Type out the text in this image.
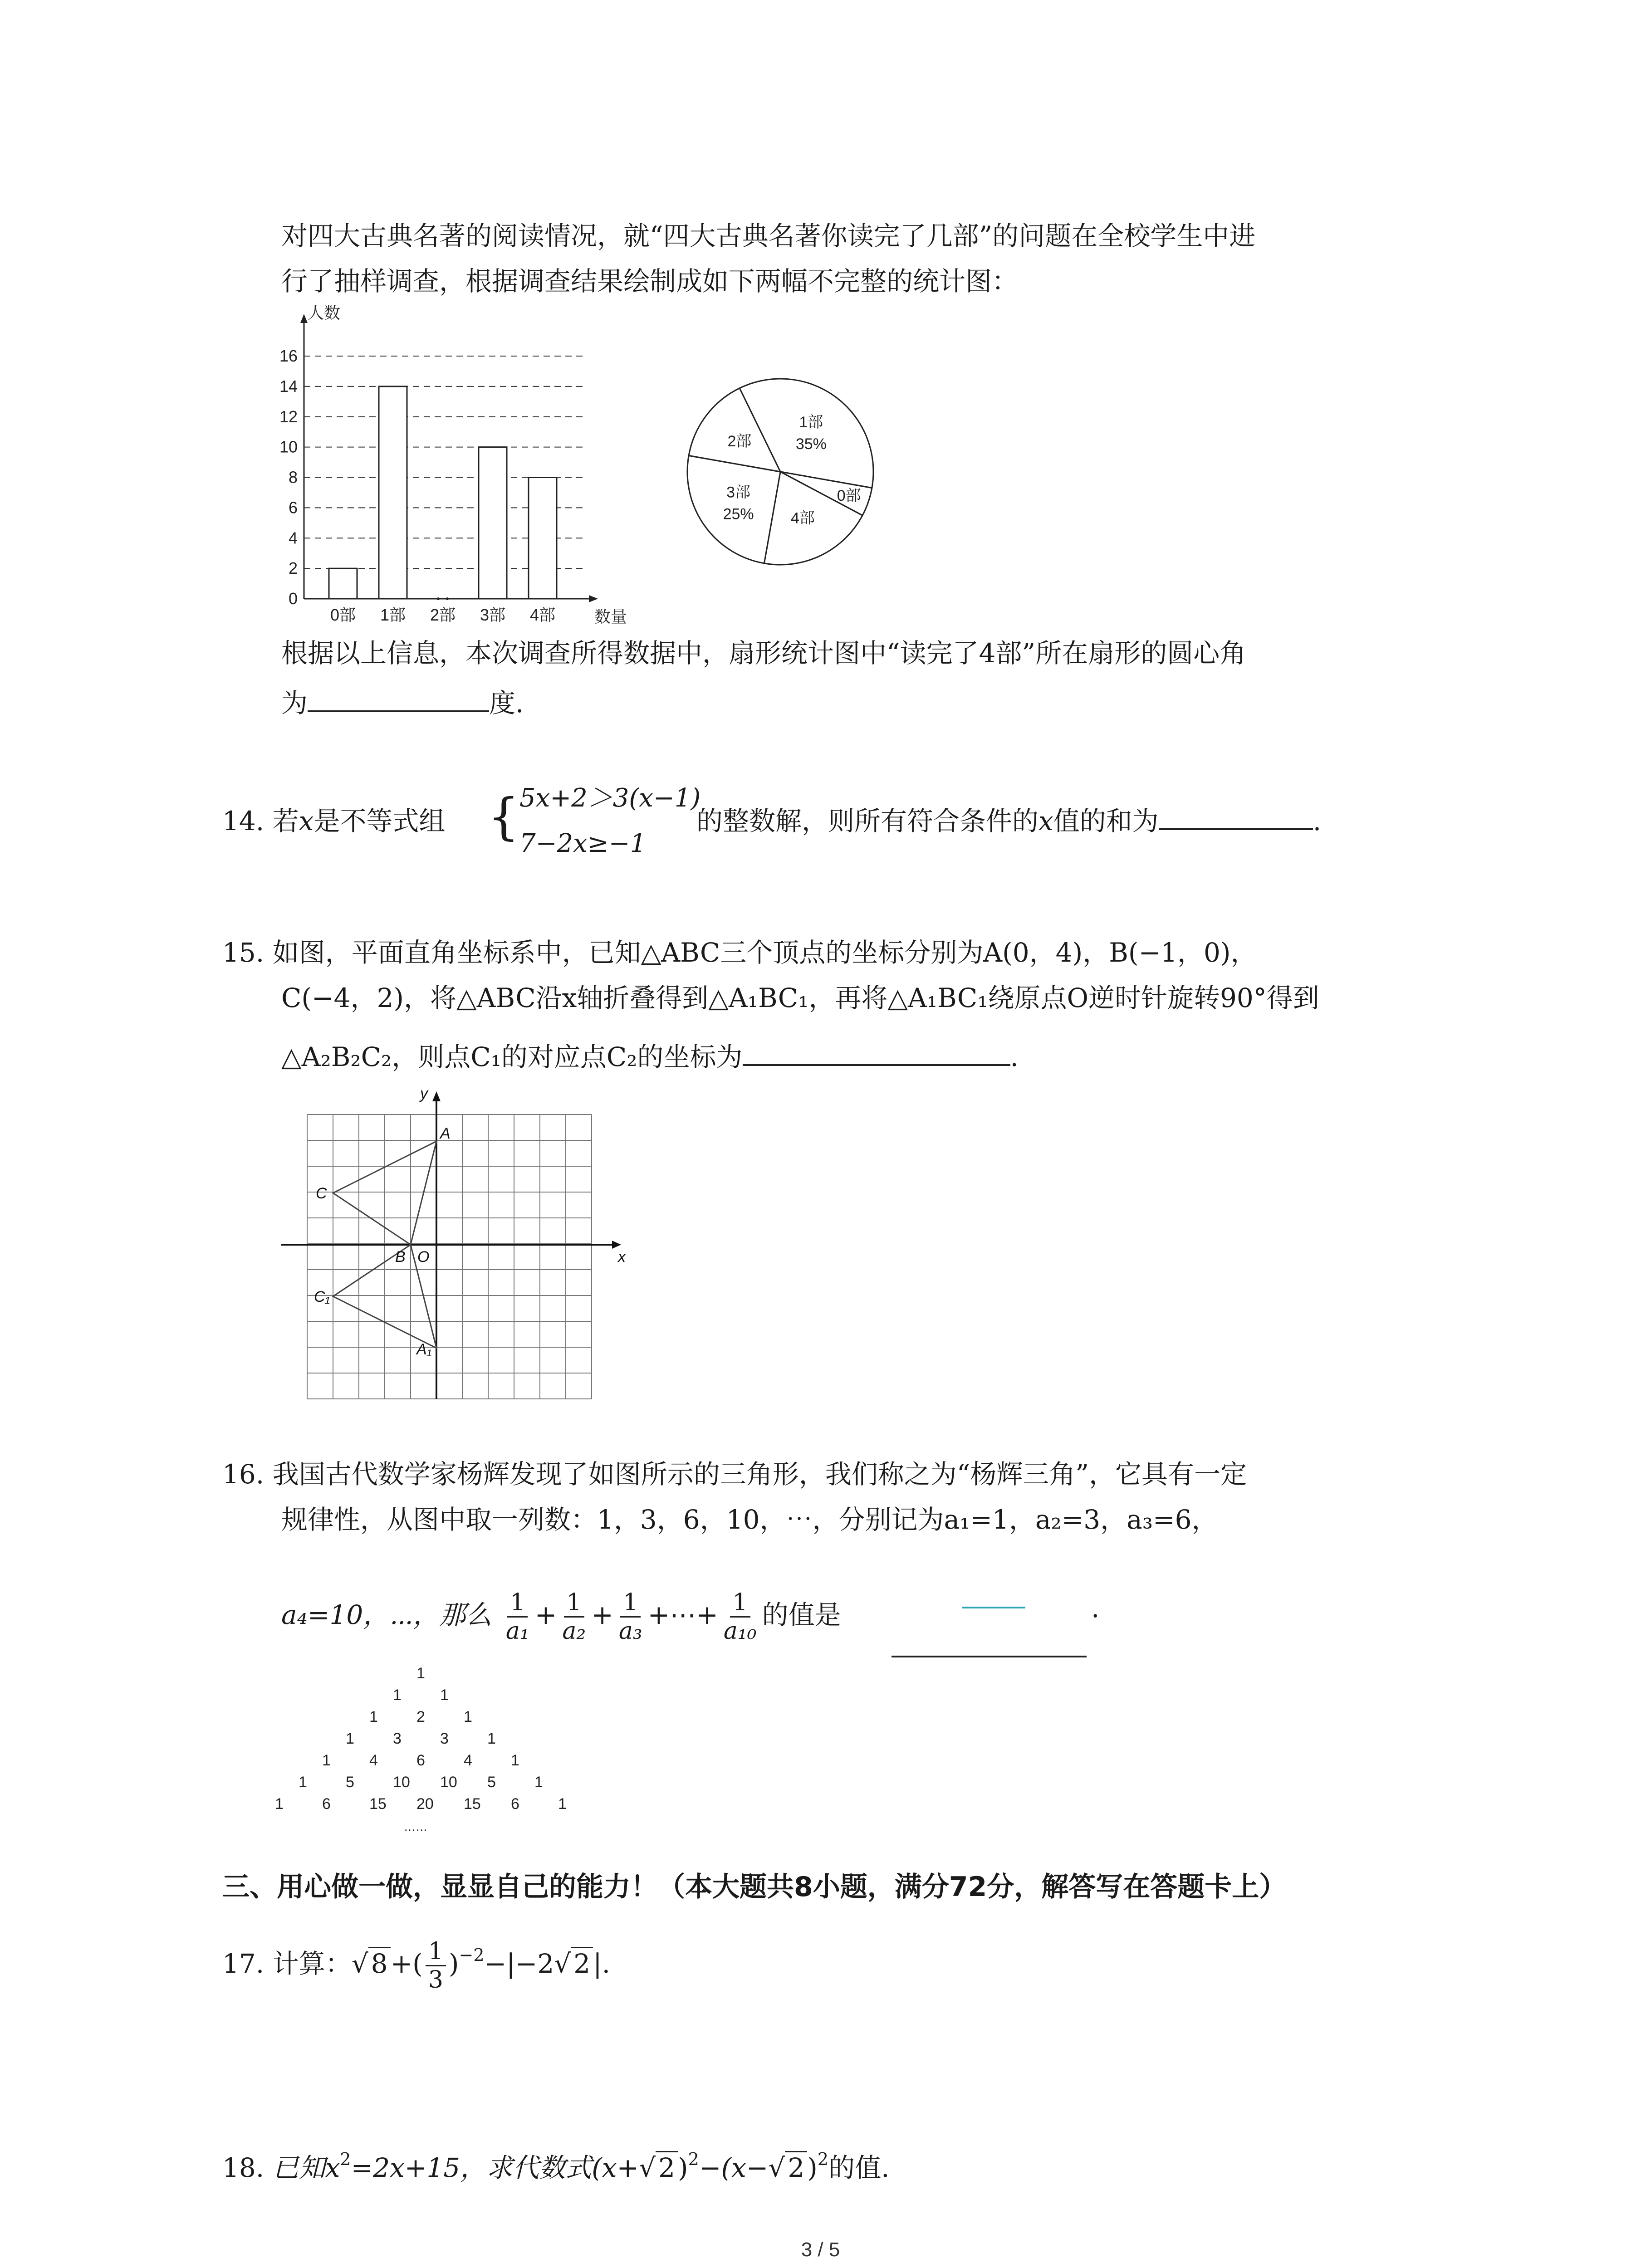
对四大古典名著的阅读情况，就“四大古典名著你读完了几部”的问题在全校学生中进
行了抽样调查，根据调查结果绘制成如下两幅不完整的统计图：
人数
数量
0
2
4
6
8
10
12
14
16
0部 1部 2部 3部 4部
1部
35%
0部
4部
3部
25%
2部
根据以上信息，本次调查所得数据中，扇形统计图中“读完了4部”所在扇形的圆心角
为	度.
14. 若x是不等式组 { 5x+2＞3(x−1)
7−2x≥−1
的整数解，则所有符合条件的x值的和为	.
15. 如图，平面直角坐标系中，已知△ABC三个顶点的坐标分别为A(0，4)，B(−1，0)，
C(−4，2)，将△ABC沿x轴折叠得到△A₁BC₁，再将△A₁BC₁绕原点O逆时针旋转90°得到
△A₂B₂C₂，则点C₁的对应点C₂的坐标为	.
A
C
B O
C₁
A₁
x
y
16. 我国古代数学家杨辉发现了如图所示的三角形，我们称之为“杨辉三角”，它具有一定
规律性，从图中取一列数：1，3，6，10，⋯，分别记为a₁=1，a₂=3，a₃=6，
a₄=10，⋯，那么 $\frac{1}{\text{a₁}} + \frac{1}{\text{a₂}} + \frac{1}{\text{a₃}}$ +⋯+ $\frac{1}{\text{a₁₀}}$ 的值是	.
1
1	1
1	2	1
1	3	3	1
1	4	6	4	1
1	5	10 10 5	1
1	6	15 20 15 6	1
……
三、用心做一做，显显自己的能力！（本大题共8小题，满分72分，解答写在答题卡上）
17. 计算：√ 8 +( $\frac{1}{3} )^{-2}-|-2√$ 2 |.
18. 已知$x^2=2x+15$，求代数式(x+√ 2 )$^2$−(x−√ 2 )$^2$的值.
3 / 5
